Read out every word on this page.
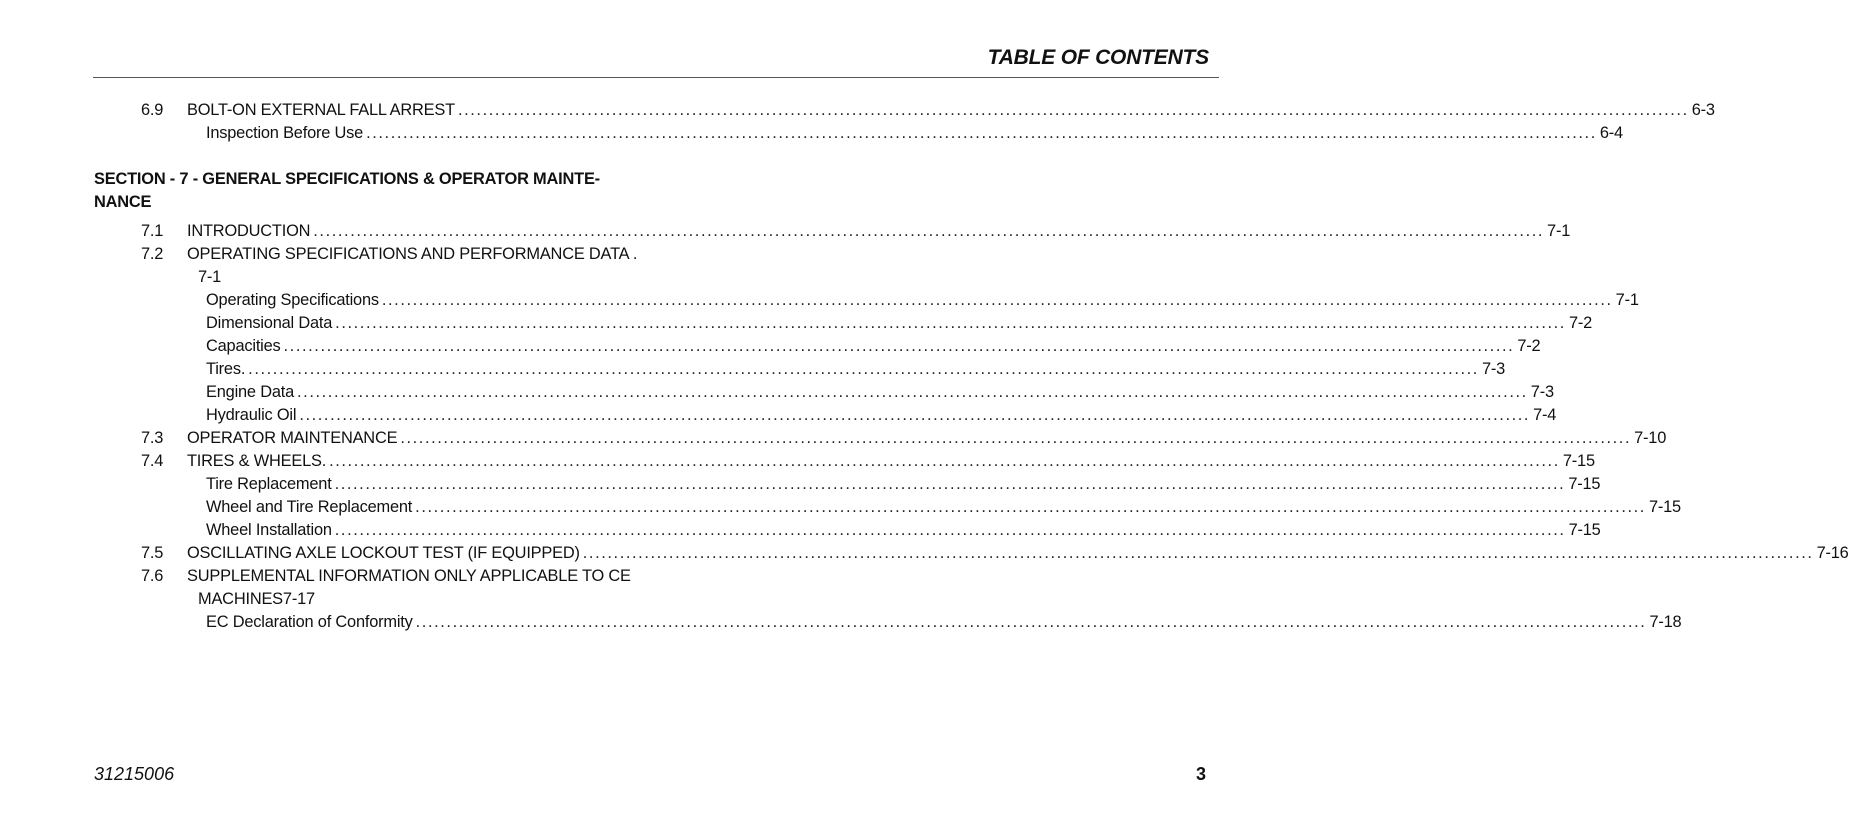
TABLE OF CONTENTS
6.9 BOLT-ON EXTERNAL FALL ARREST ........................................................................................................................................................................................................ 6-3
Inspection Before Use ........................................................................................................................................................................................................ 6-4
SECTION - 7 - GENERAL SPECIFICATIONS & OPERATOR MAINTE-NANCE
7.1 INTRODUCTION ........................................................................................................................................................................................................ 7-1
7.2 OPERATING SPECIFICATIONS AND PERFORMANCE DATA .
7-1
Operating Specifications ........................................................................................................................................................................................................ 7-1
Dimensional Data ........................................................................................................................................................................................................ 7-2
Capacities ........................................................................................................................................................................................................ 7-2
Tires. ........................................................................................................................................................................................................ 7-3
Engine Data ........................................................................................................................................................................................................ 7-3
Hydraulic Oil ........................................................................................................................................................................................................ 7-4
7.3 OPERATOR MAINTENANCE ........................................................................................................................................................................................................ 7-10
7.4 TIRES & WHEELS. ........................................................................................................................................................................................................ 7-15
Tire Replacement ........................................................................................................................................................................................................ 7-15
Wheel and Tire Replacement ........................................................................................................................................................................................................ 7-15
Wheel Installation ........................................................................................................................................................................................................ 7-15
7.5 OSCILLATING AXLE LOCKOUT TEST (IF EQUIPPED) ........................................................................................................................................................................................................ 7-16
7.6 SUPPLEMENTAL INFORMATION ONLY APPLICABLE TO CE
MACHINES7-17
EC Declaration of Conformity ........................................................................................................................................................................................................ 7-18
31215006	3
